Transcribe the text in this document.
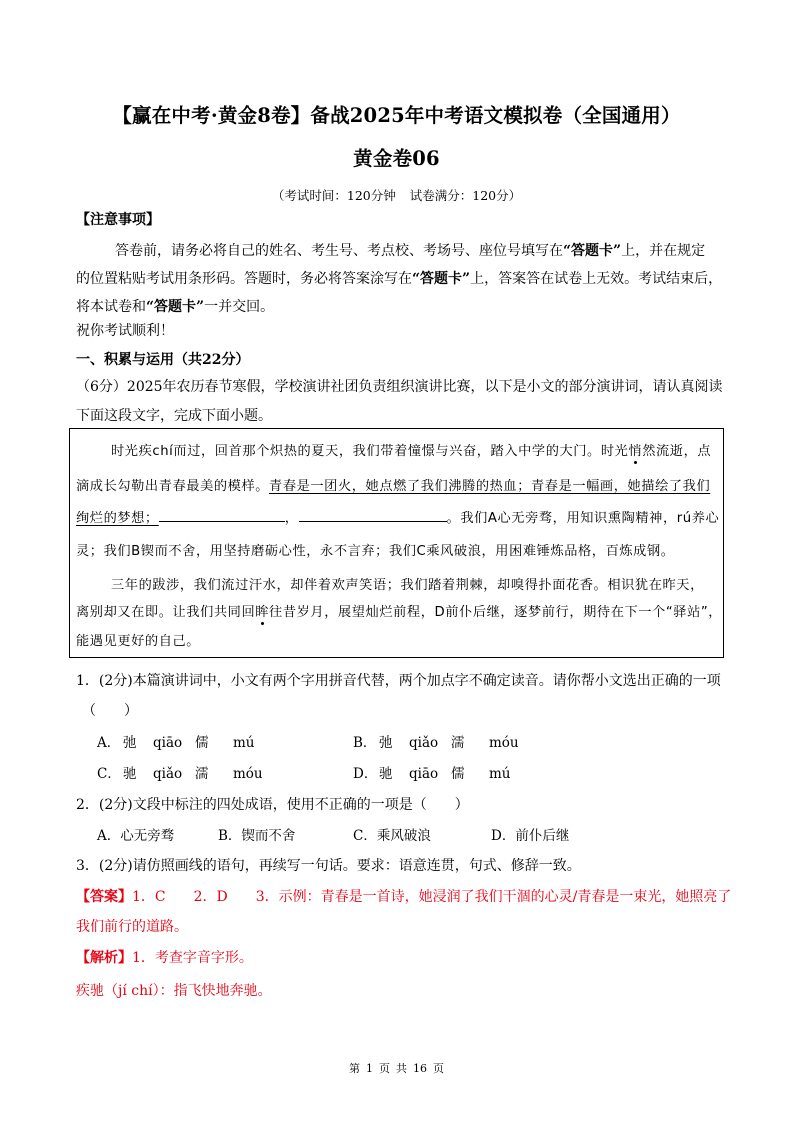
【赢在中考·黄金8卷】备战2025年中考语文模拟卷（全国通用）
黄金卷06
（考试时间：120分钟 试卷满分：120分）
【注意事项】
答卷前，请务必将自己的姓名、考生号、考点校、考场号、座位号填写在“答题卡”上，并在规定
的位置粘贴考试用条形码。答题时，务必将答案涂写在“答题卡”上，答案答在试卷上无效。考试结束后，
将本试卷和“答题卡”一并交回。
祝你考试顺利！
一、积累与运用（共22分）
（6分）2025年农历春节寒假，学校演讲社团负责组织演讲比赛，以下是小文的部分演讲词，请认真阅读
下面这段文字，完成下面小题。
时光疾chí而过，回首那个炽热的夏天，我们带着憧憬与兴奋，踏入中学的大门。时光悄然流逝，点
滴成长勾勒出青春最美的模样。青春是一团火，她点燃了我们沸腾的热血；青春是一幅画，她描绘了我们
绚烂的梦想；	，	。我们A心无旁骛，用知识熏陶精神，rú养心
灵；我们B锲而不舍，用坚持磨砺心性，永不言弃；我们C乘风破浪，用困难锤炼品格，百炼成钢。
三年的跋涉，我们流过汗水，却伴着欢声笑语；我们踏着荆棘，却嗅得扑面花香。相识犹在昨天，
离别却又在即。让我们共同回眸往昔岁月，展望灿烂前程，D前仆后继，逐梦前行，期待在下一个“驿站”，
能遇见更好的自己。
1．(2分)本篇演讲词中，小文有两个字用拼音代替，两个加点字不确定读音。请你帮小文选出正确的一项
（　　）
A． 弛 qiāo 儒 mú	B． 弛 qiǎo 濡 móu
C． 驰 qiǎo 濡 móu	D． 驰 qiāo 儒 mú
2．(2分)文段中标注的四处成语，使用不正确的一项是（　　）
A．心无旁骛	B．锲而不舍	C．乘风破浪	D．前仆后继
3．(2分)请仿照画线的语句，再续写一句话。要求：语意连贯，句式、修辞一致。
【答案】1．C　　2．D　　3．示例：青春是一首诗，她浸润了我们干涸的心灵/青春是一束光，她照亮了
我们前行的道路。
【解析】1．考查字音字形。
疾驰（jí chí）：指飞快地奔驰。
第 1 页 共 16 页
